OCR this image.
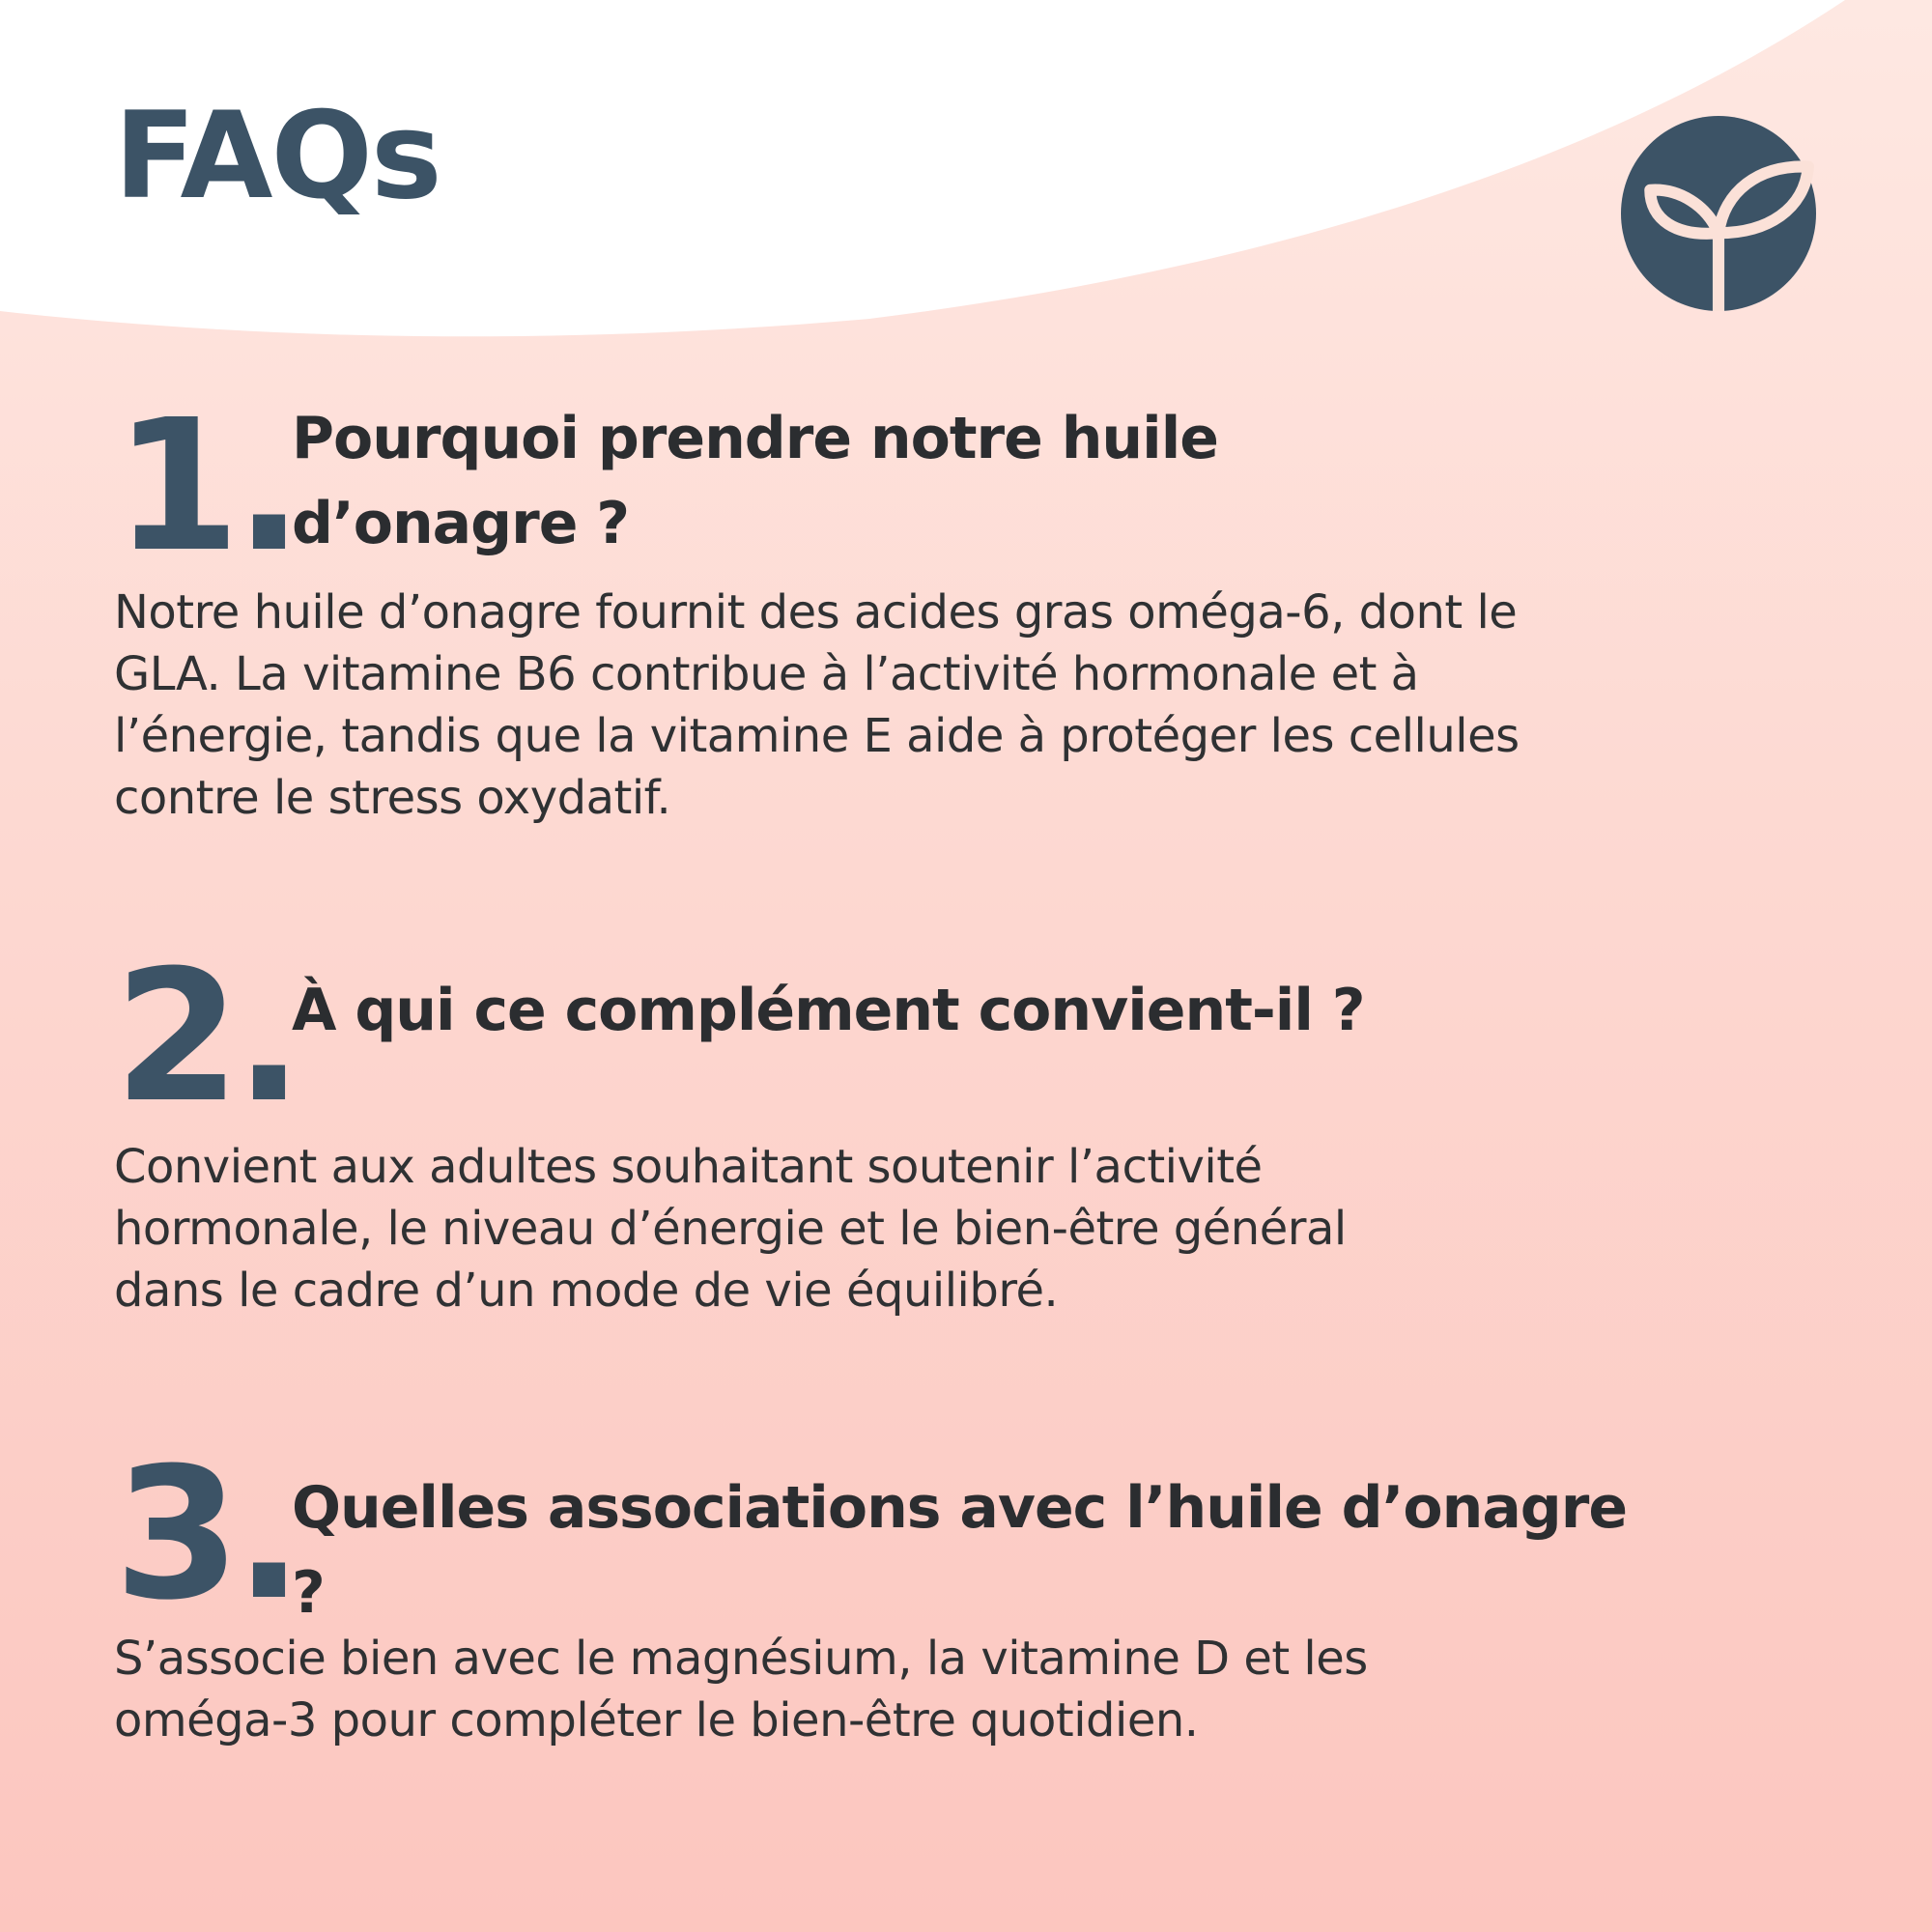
FAQs
1.
Pourquoi prendre notre huile d’onagre ?

Notre huile d’onagre fournit des acides gras oméga-6, dont le GLA. La vitamine B6 contribue à l’activité hormonale et à l’énergie, tandis que la vitamine E aide à protéger les cellules contre le stress oxydatif.

2.
À qui ce complément convient-il ?

Convient aux adultes souhaitant soutenir l’activité hormonale, le niveau d’énergie et le bien-être général dans le cadre d’un mode de vie équilibré.

3.
Quelles associations avec l’huile d’onagre ?

S’associe bien avec le magnésium, la vitamine D et les oméga-3 pour compléter le bien-être quotidien.
